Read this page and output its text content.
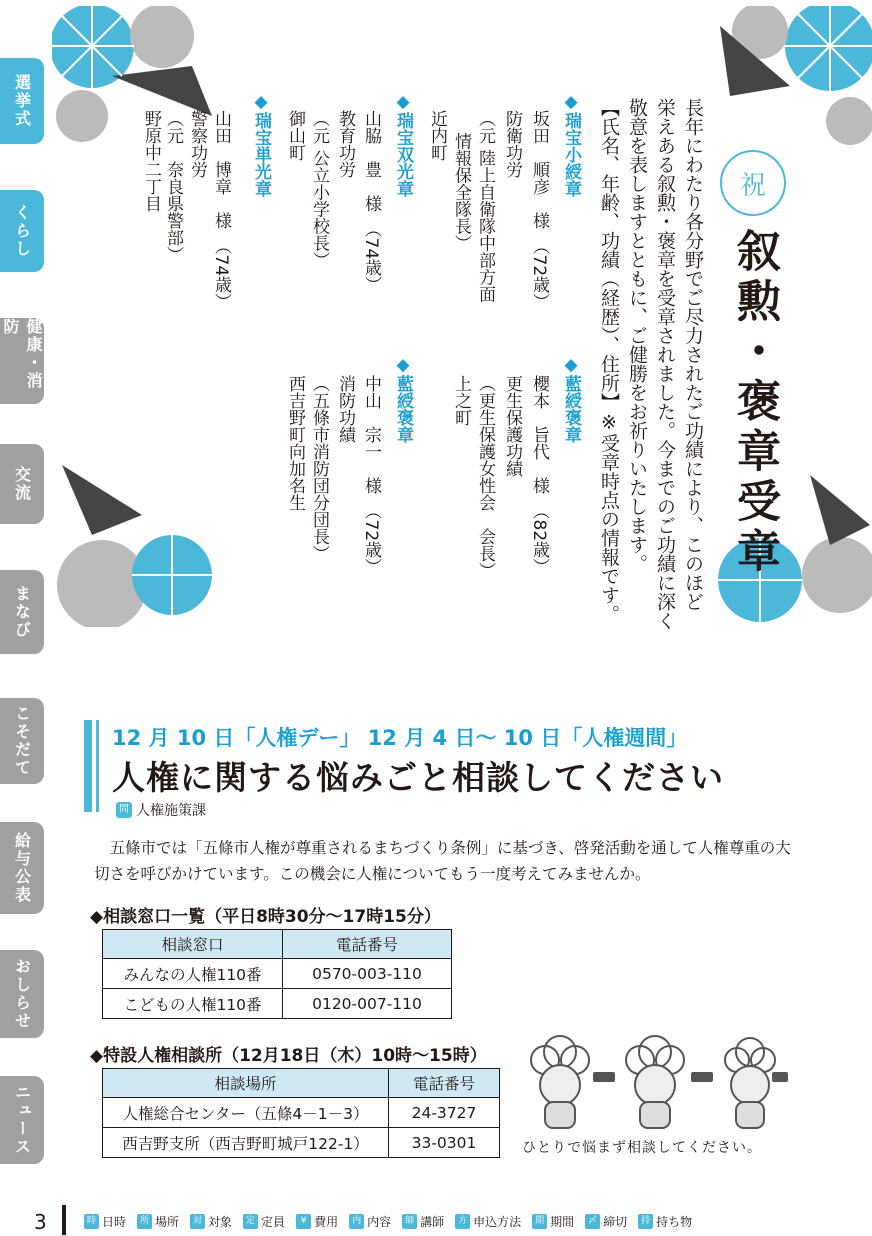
選挙式
くらし
健康・消防
交流
まなび
こそだて
給与公表
おしらせ
ニュース
祝
叙勲・褒章受章
長年にわたり各分野でご尽力されたご功績により、このほど
栄えある叙勲・褒章を受章されました。今までのご功績に深く
敬意を表しますとともに、ご健勝をお祈りいたします。
【氏名、年齢、功績（経歴）、住所】※受章時点の情報です。
◆瑞宝小綬章
坂田　順彦　様　（72歳）
防衛功労
（元 陸上自衛隊中部方面
　 情報保全隊長）
近内町
◆瑞宝双光章
山脇　豊　様　（74歳）
教育功労
（元 公立小学校長）
御山町
◆瑞宝単光章
山田　博章　様　（74歳）
警察功労
（元　奈良県警部）
野原中二丁目
◆藍綬褒章
櫻本　旨代　様　（82歳）
更生保護功績
（更生保護女性会　会長）
上之町
◆藍綬褒章
中山　宗一　様　（72歳）
消防功績
（五條市消防団分団長）
西吉野町向加名生
12 月 10 日「人権デー」 12 月 4 日～ 10 日「人権週間」
人権に関する悩みごと相談してください
問 人権施策課

五條市では「五條市人権が尊重されるまちづくり条例」に基づき、啓発活動を通して人権尊重の大切さを呼びかけています。この機会に人権についてもう一度考えてみませんか。

◆相談窓口一覧（平日8時30分～17時15分）
相談窓口	電話番号
みんなの人権110番	0570-003-110
こどもの人権110番	0120-007-110
◆特設人権相談所（12月18日（木）10時～15時）
相談場所	電話番号
人権総合センター（五條4－1－3）	24-3727
西吉野支所（西吉野町城戸122-1）	33-0301	ひとりで悩まず相談してください。
3	時 日時	所 場所	対 対象	定 定員	¥ 費用	内 内容	師 講師	方 申込方法	期 期間	〆 締切	持 持ち物
